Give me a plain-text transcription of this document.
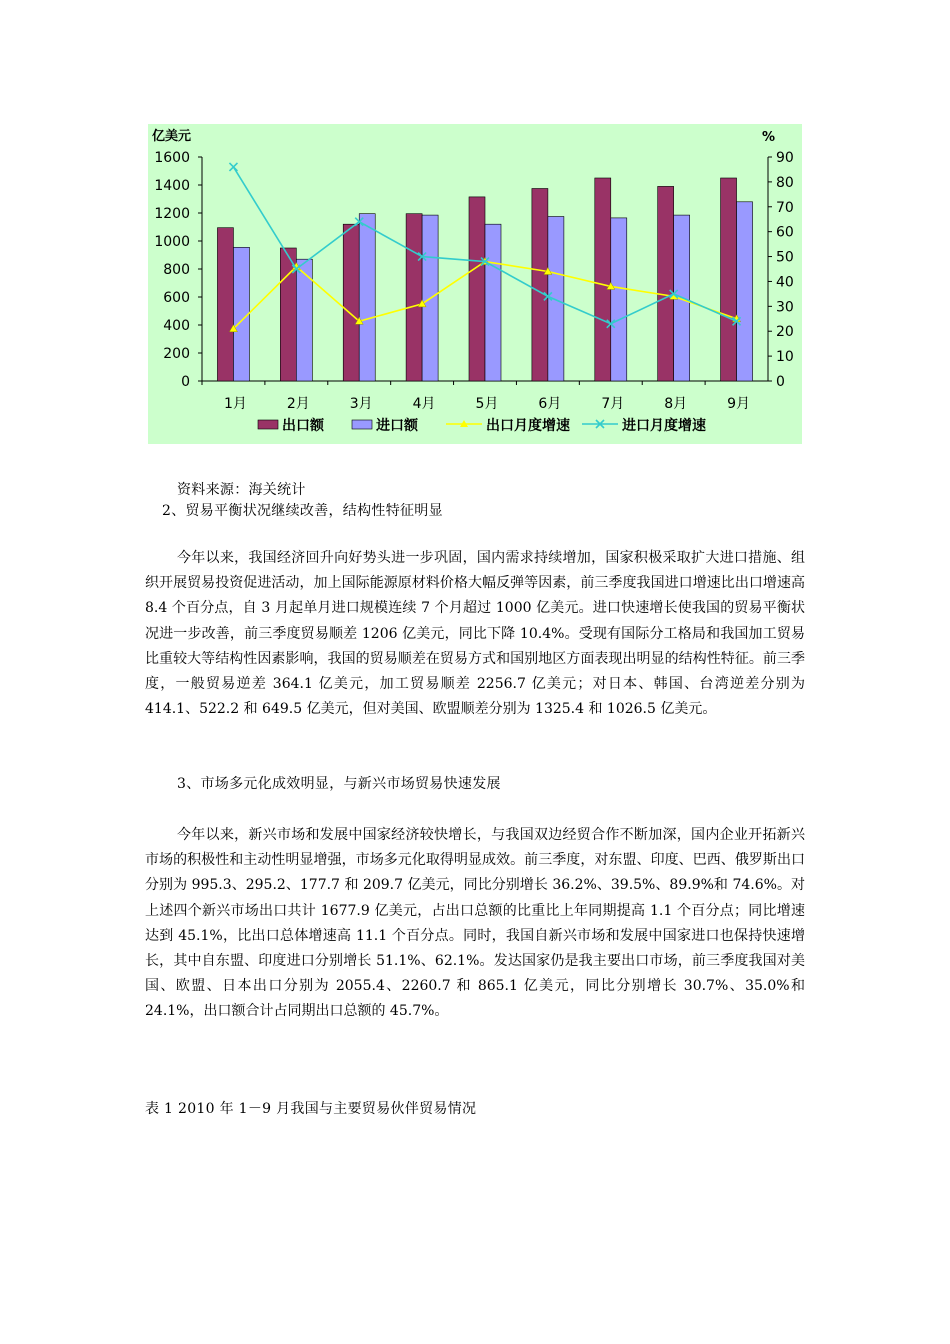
0
200
400
600
800
1000
1200
1400
1600
0
10
20
30
40
50
60
70
80
90
亿美元	%
1月	2月	3月	4月	5月	6月	7月	8月	9月
出口额	进口额	出口月度增速	进口月度增速
资料来源：海关统计
2、贸易平衡状况继续改善，结构性特征明显

今年以来，我国经济回升向好势头进一步巩固，国内需求持续增加，国家积极采取扩大进口措施、组织开展贸易投资促进活动，加上国际能源原材料价格大幅反弹等因素，前三季度我国进口增速比出口增速高 8.4 个百分点，自 3 月起单月进口规模连续 7 个月超过 1000 亿美元。进口快速增长使我国的贸易平衡状况进一步改善，前三季度贸易顺差 1206 亿美元，同比下降 10.4%。受现有国际分工格局和我国加工贸易比重较大等结构性因素影响，我国的贸易顺差在贸易方式和国别地区方面表现出明显的结构性特征。前三季度，一般贸易逆差 364.1 亿美元，加工贸易顺差 2256.7 亿美元；对日本、韩国、台湾逆差分别为 414.1、522.2 和 649.5 亿美元，但对美国、欧盟顺差分别为 1325.4 和 1026.5 亿美元。

3、市场多元化成效明显，与新兴市场贸易快速发展

今年以来，新兴市场和发展中国家经济较快增长，与我国双边经贸合作不断加深，国内企业开拓新兴市场的积极性和主动性明显增强，市场多元化取得明显成效。前三季度，对东盟、印度、巴西、俄罗斯出口分别为 995.3、295.2、177.7 和 209.7 亿美元，同比分别增长 36.2%、39.5%、89.9%和 74.6%。对上述四个新兴市场出口共计 1677.9 亿美元，占出口总额的比重比上年同期提高 1.1 个百分点；同比增速达到 45.1%，比出口总体增速高 11.1 个百分点。同时，我国自新兴市场和发展中国家进口也保持快速增长，其中自东盟、印度进口分别增长 51.1%、62.1%。发达国家仍是我主要出口市场，前三季度我国对美国、欧盟、日本出口分别为 2055.4、2260.7 和 865.1 亿美元，同比分别增长 30.7%、35.0%和 24.1%，出口额合计占同期出口总额的 45.7%。

表 1 2010 年 1－9 月我国与主要贸易伙伴贸易情况
